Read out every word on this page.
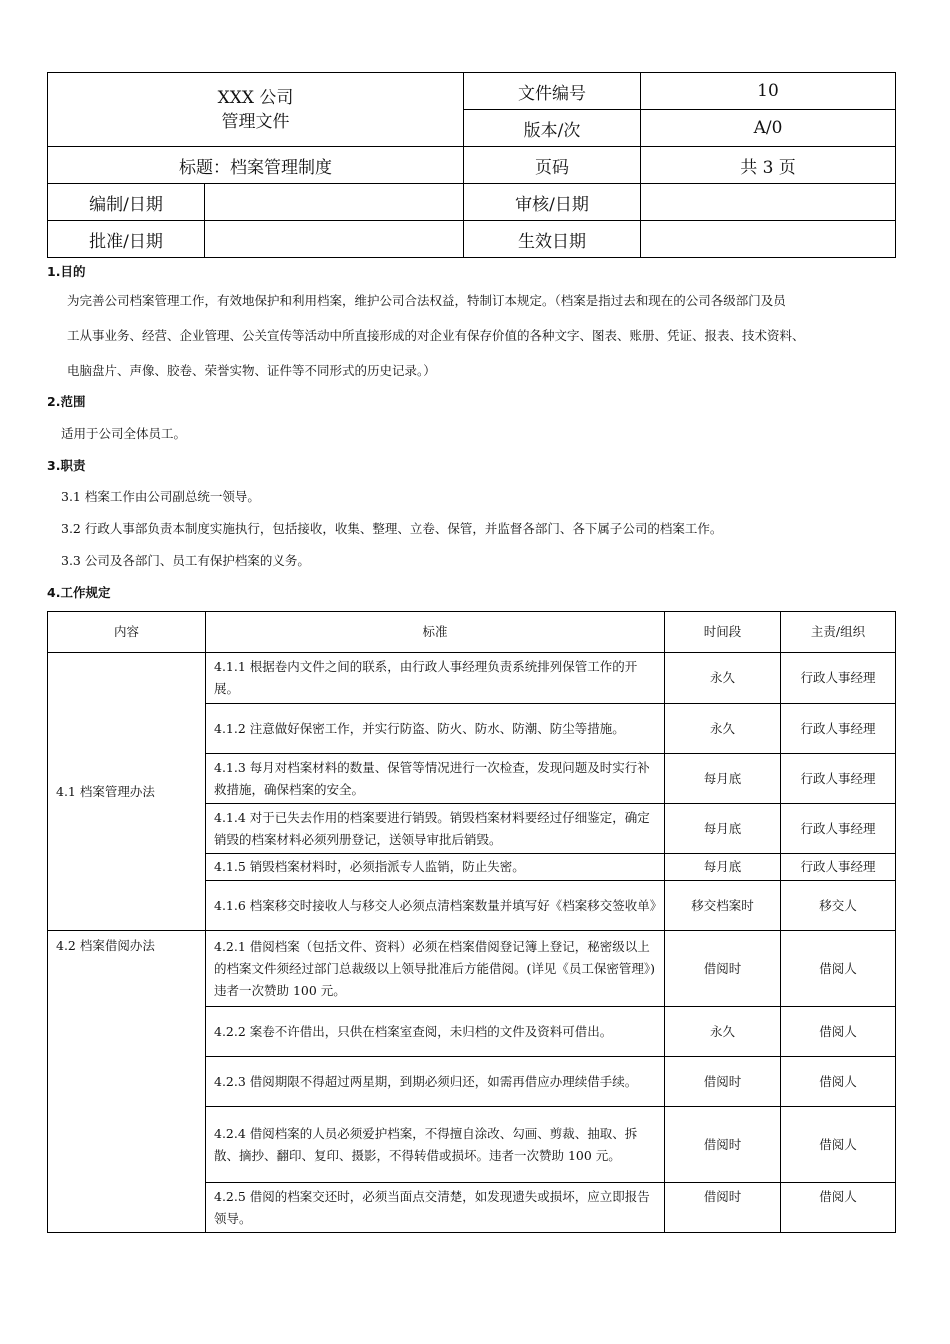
XXX 公司
管理文件		文件编号	10
		版本/次	A/0
标题：档案管理制度		页码	共 3 页
编制/日期		审核/日期	
批准/日期		生效日期	

1.目的

为完善公司档案管理工作，有效地保护和利用档案，维护公司合法权益，特制订本规定。（档案是指过去和现在的公司各级部门及员

工从事业务、经营、企业管理、公关宣传等活动中所直接形成的对企业有保存价值的各种文字、图表、账册、凭证、报表、技术资料、

电脑盘片、声像、胶卷、荣誉实物、证件等不同形式的历史记录。）

2.范围

适用于公司全体员工。

3.职责

3.1 档案工作由公司副总统一领导。

3.2 行政人事部负责本制度实施执行，包括接收，收集、整理、立卷、保管，并监督各部门、各下属子公司的档案工作。

3.3 公司及各部门、员工有保护档案的义务。

4.工作规定

内容	标准	时间段	主责/组织
4.1 档案管理办法	4.1.1 根据卷内文件之间的联系，由行政人事经理负责系统排列保管工作的开展。	永久	行政人事经理
	4.1.2 注意做好保密工作，并实行防盗、防火、防水、防潮、防尘等措施。	永久	行政人事经理
	4.1.3 每月对档案材料的数量、保管等情况进行一次检查，发现问题及时实行补救措施，确保档案的安全。	每月底	行政人事经理
	4.1.4 对于已失去作用的档案要进行销毁。销毁档案材料要经过仔细鉴定，确定销毁的档案材料必须列册登记，送领导审批后销毁。	每月底	行政人事经理
	4.1.5 销毁档案材料时，必须指派专人监销，防止失密。	每月底	行政人事经理
	4.1.6 档案移交时接收人与移交人必须点清档案数量并填写好《档案移交签收单》	移交档案时	移交人
4.2 档案借阅办法	4.2.1 借阅档案（包括文件、资料）必须在档案借阅登记簿上登记，秘密级以上的档案文件须经过部门总裁级以上领导批准后方能借阅。(详见《员工保密管理》)违者一次赞助 100 元。	借阅时	借阅人
	4.2.2 案卷不许借出，只供在档案室查阅，未归档的文件及资料可借出。	永久	借阅人
	4.2.3 借阅期限不得超过两星期，到期必须归还，如需再借应办理续借手续。	借阅时	借阅人
	4.2.4 借阅档案的人员必须爱护档案，不得擅自涂改、勾画、剪裁、抽取、拆散、摘抄、翻印、复印、摄影，不得转借或损坏。违者一次赞助 100 元。	借阅时	借阅人
	4.2.5 借阅的档案交还时，必须当面点交清楚，如发现遗失或损坏，应立即报告领导。	借阅时	借阅人
